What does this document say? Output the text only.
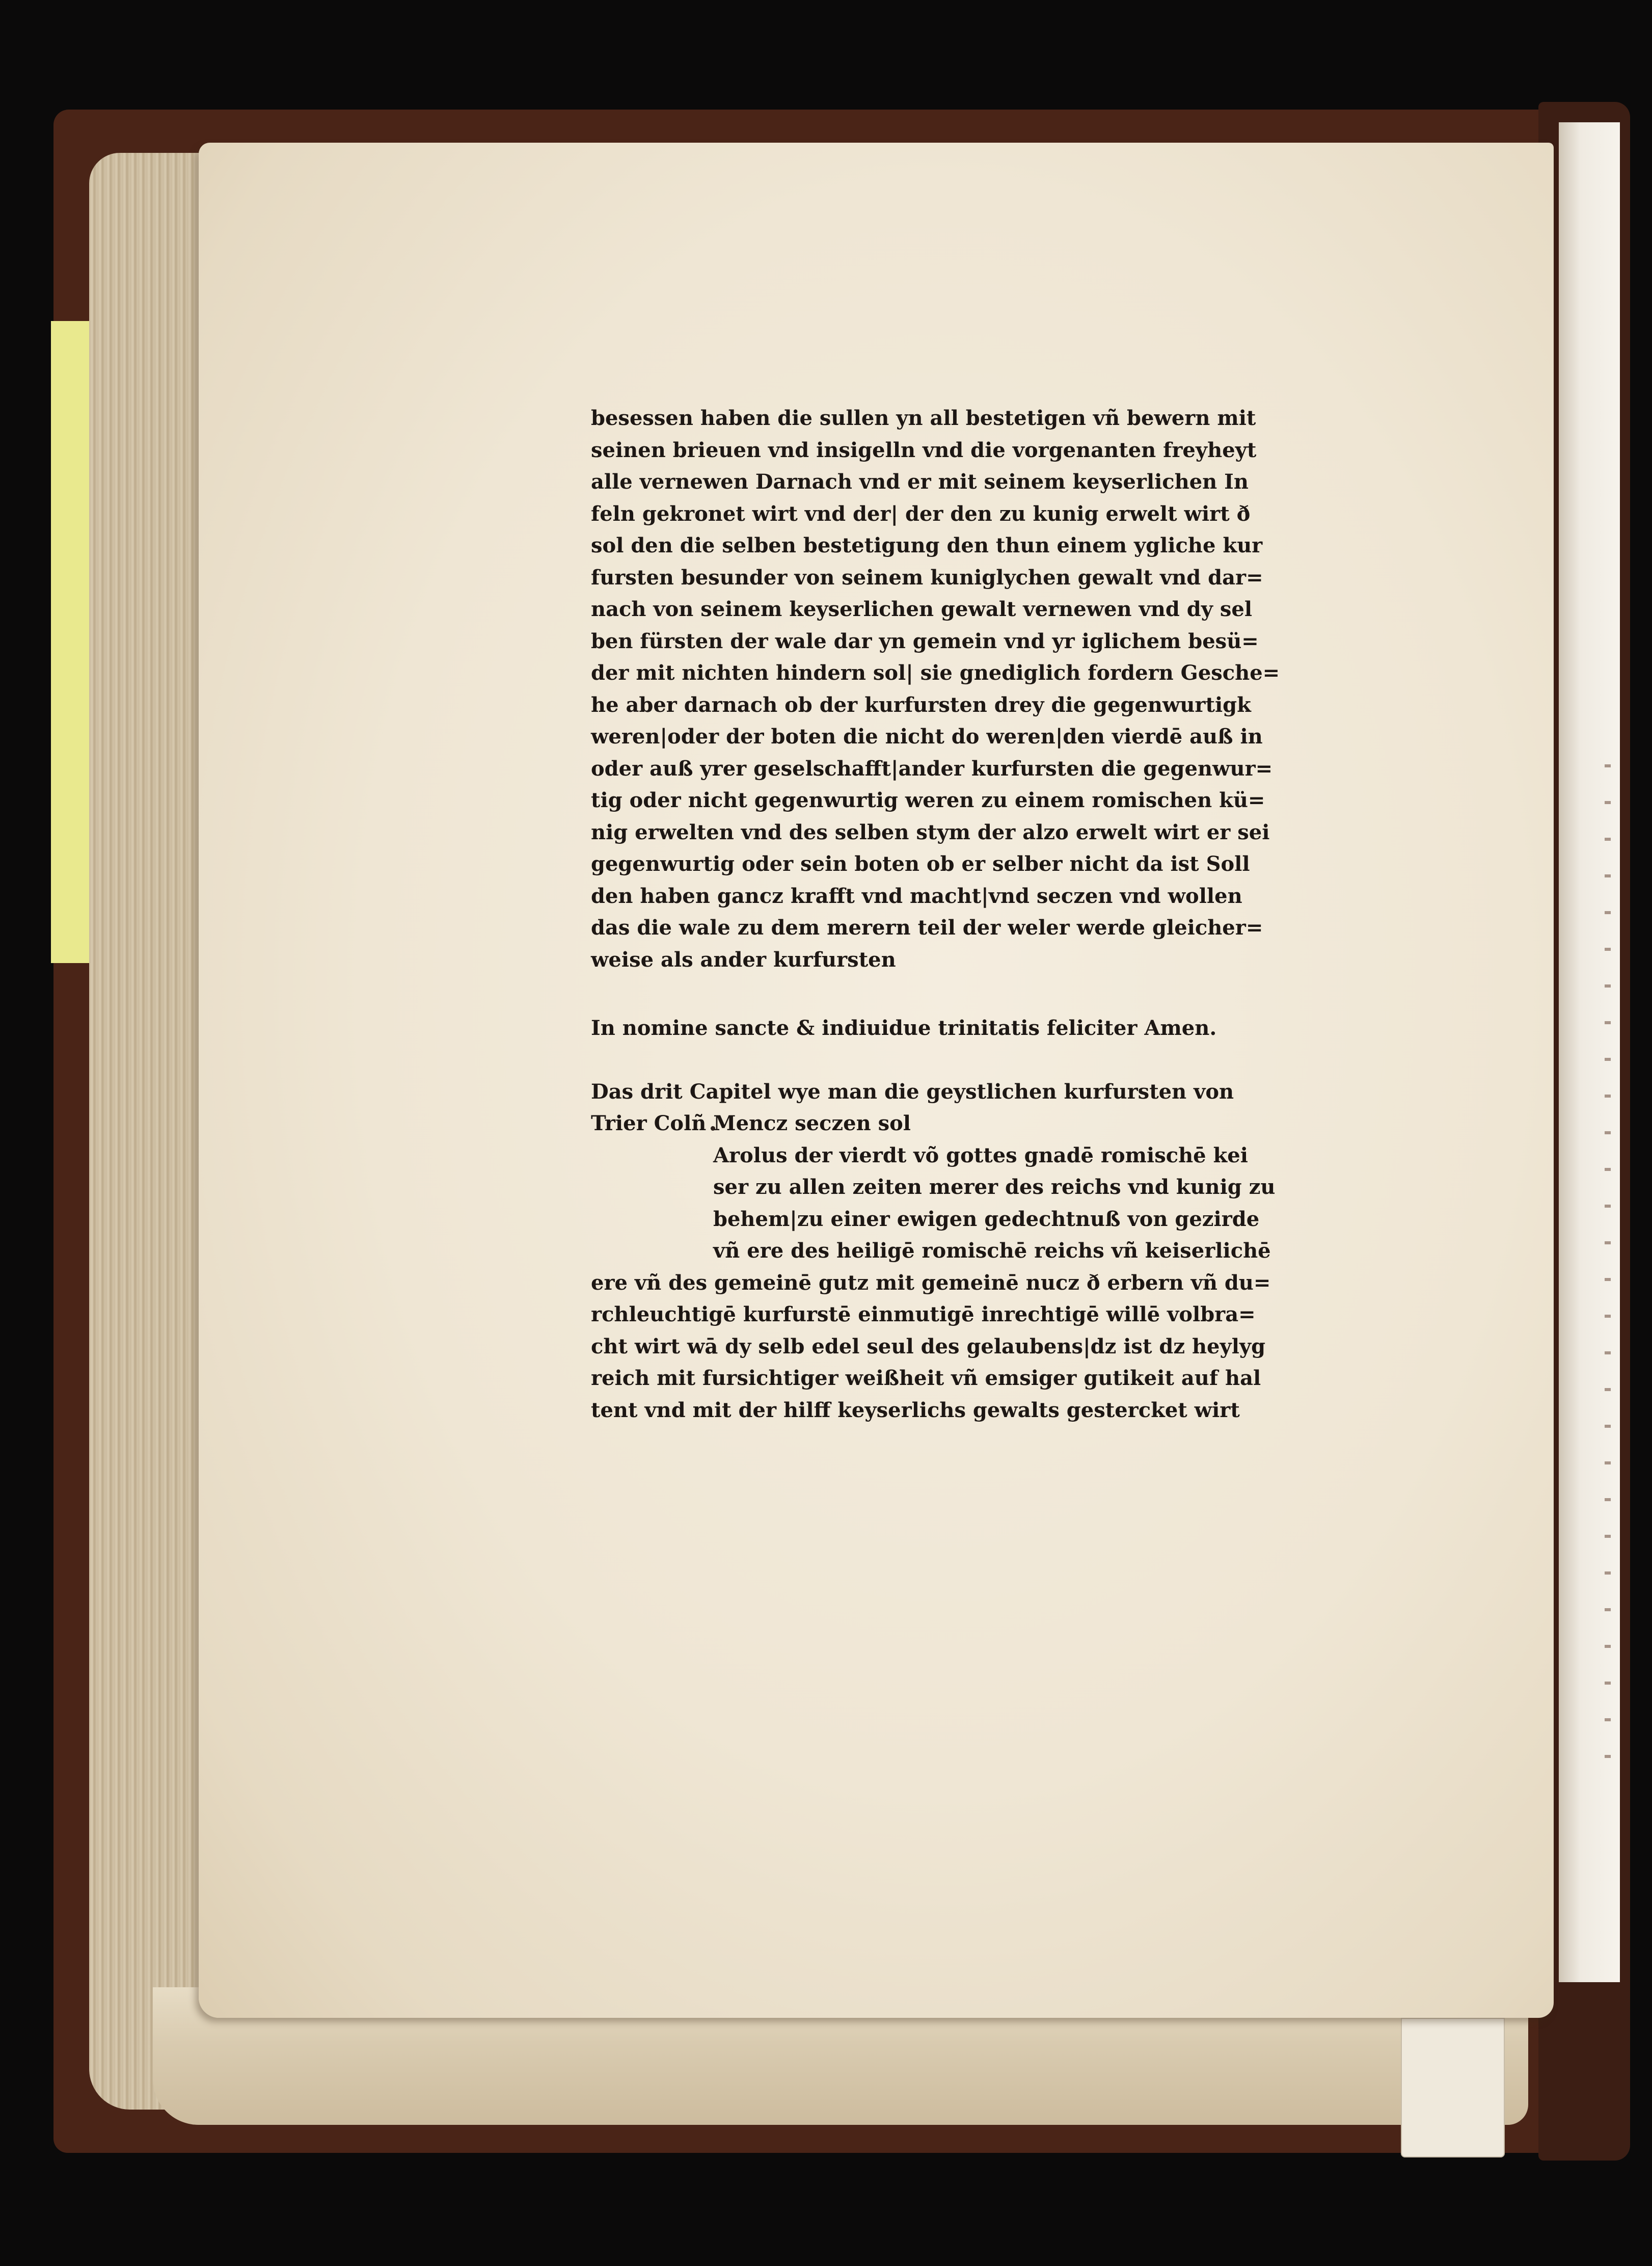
besessen haben die sullen yn all bestetigen vñ bewern mit
seinen brieuen vnd insigelln vnd die vorgenanten freyheyt
alle vernewen Darnach vnd er mit seinem keyserlichen In
feln gekronet wirt vnd der| der den zu kunig erwelt wirt ð
sol den die selben bestetigung den thun einem ygliche kur
fursten besunder von seinem kuniglychen gewalt vnd dar=
nach von seinem keyserlichen gewalt vernewen vnd dy sel
ben fürsten der wale dar yn gemein vnd yr iglichem besü=
der mit nichten hindern sol| sie gnediglich fordern Gesche=
he aber darnach ob der kurfursten drey die gegenwurtigk
weren|oder der boten die nicht do weren|den vierdē auß in
oder auß yrer geselschafft|ander kurfursten die gegenwur=
tig oder nicht gegenwurtig weren zu einem romischen kü=
nig erwelten vnd des selben stym der alzo erwelt wirt er sei
gegenwurtig oder sein boten ob er selber nicht da ist Soll
den haben gancz krafft vnd macht|vnd seczen vnd wollen
das die wale zu dem merern teil der weler werde gleicher=
weise als ander kurfursten
In nomine sancte & indiuidue trinitatis feliciter Amen.
Das drit Capitel wye man die geystlichen kurfursten von
Trier Colñ Mencz seczen sol
Arolus der vierdt võ gottes gnadē romischē kei
ser zu allen zeiten merer des reichs vnd kunig zu
behem|zu einer ewigen gedechtnuß von gezirde
vñ ere des heiligē romischē reichs vñ keiserlichē
ere vñ des gemeinē gutz mit gemeinē nucz ð erbern vñ du=
rchleuchtigē kurfurstē einmutigē inrechtigē willē volbra=
cht wirt wā dy selb edel seul des gelaubens|dz ist dz heylyg
reich mit fursichtiger weißheit vñ emsiger gutikeit auf hal
tent vnd mit der hilff keyserlichs gewalts gestercket wirt
